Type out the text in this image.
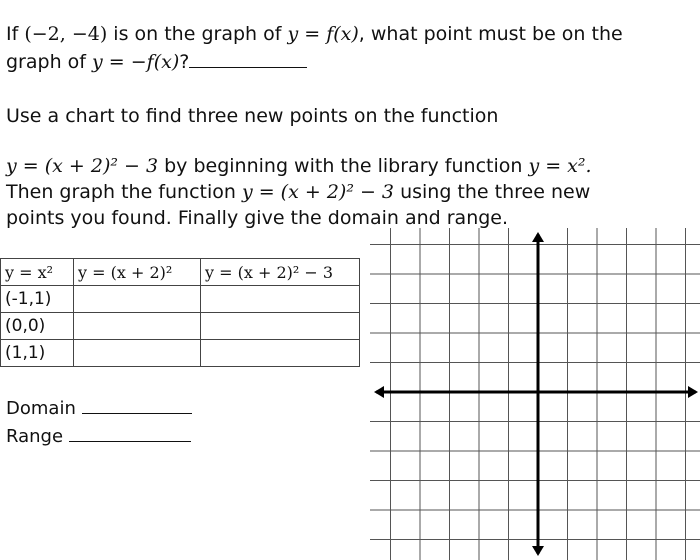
If (−2, −4) is on the graph of y = f(x), what point must be on the
graph of y = −f(x)?
Use a chart to find three new points on the function
y = (x + 2)² − 3 by beginning with the library function y = x².
Then graph the function y = (x + 2)² − 3 using the three new
points you found. Finally give the domain and range.
y = x²	y = (x + 2)²	y = (x + 2)² − 3
(-1,1)		
(0,0)		
(1,1)		
Domain
Range
